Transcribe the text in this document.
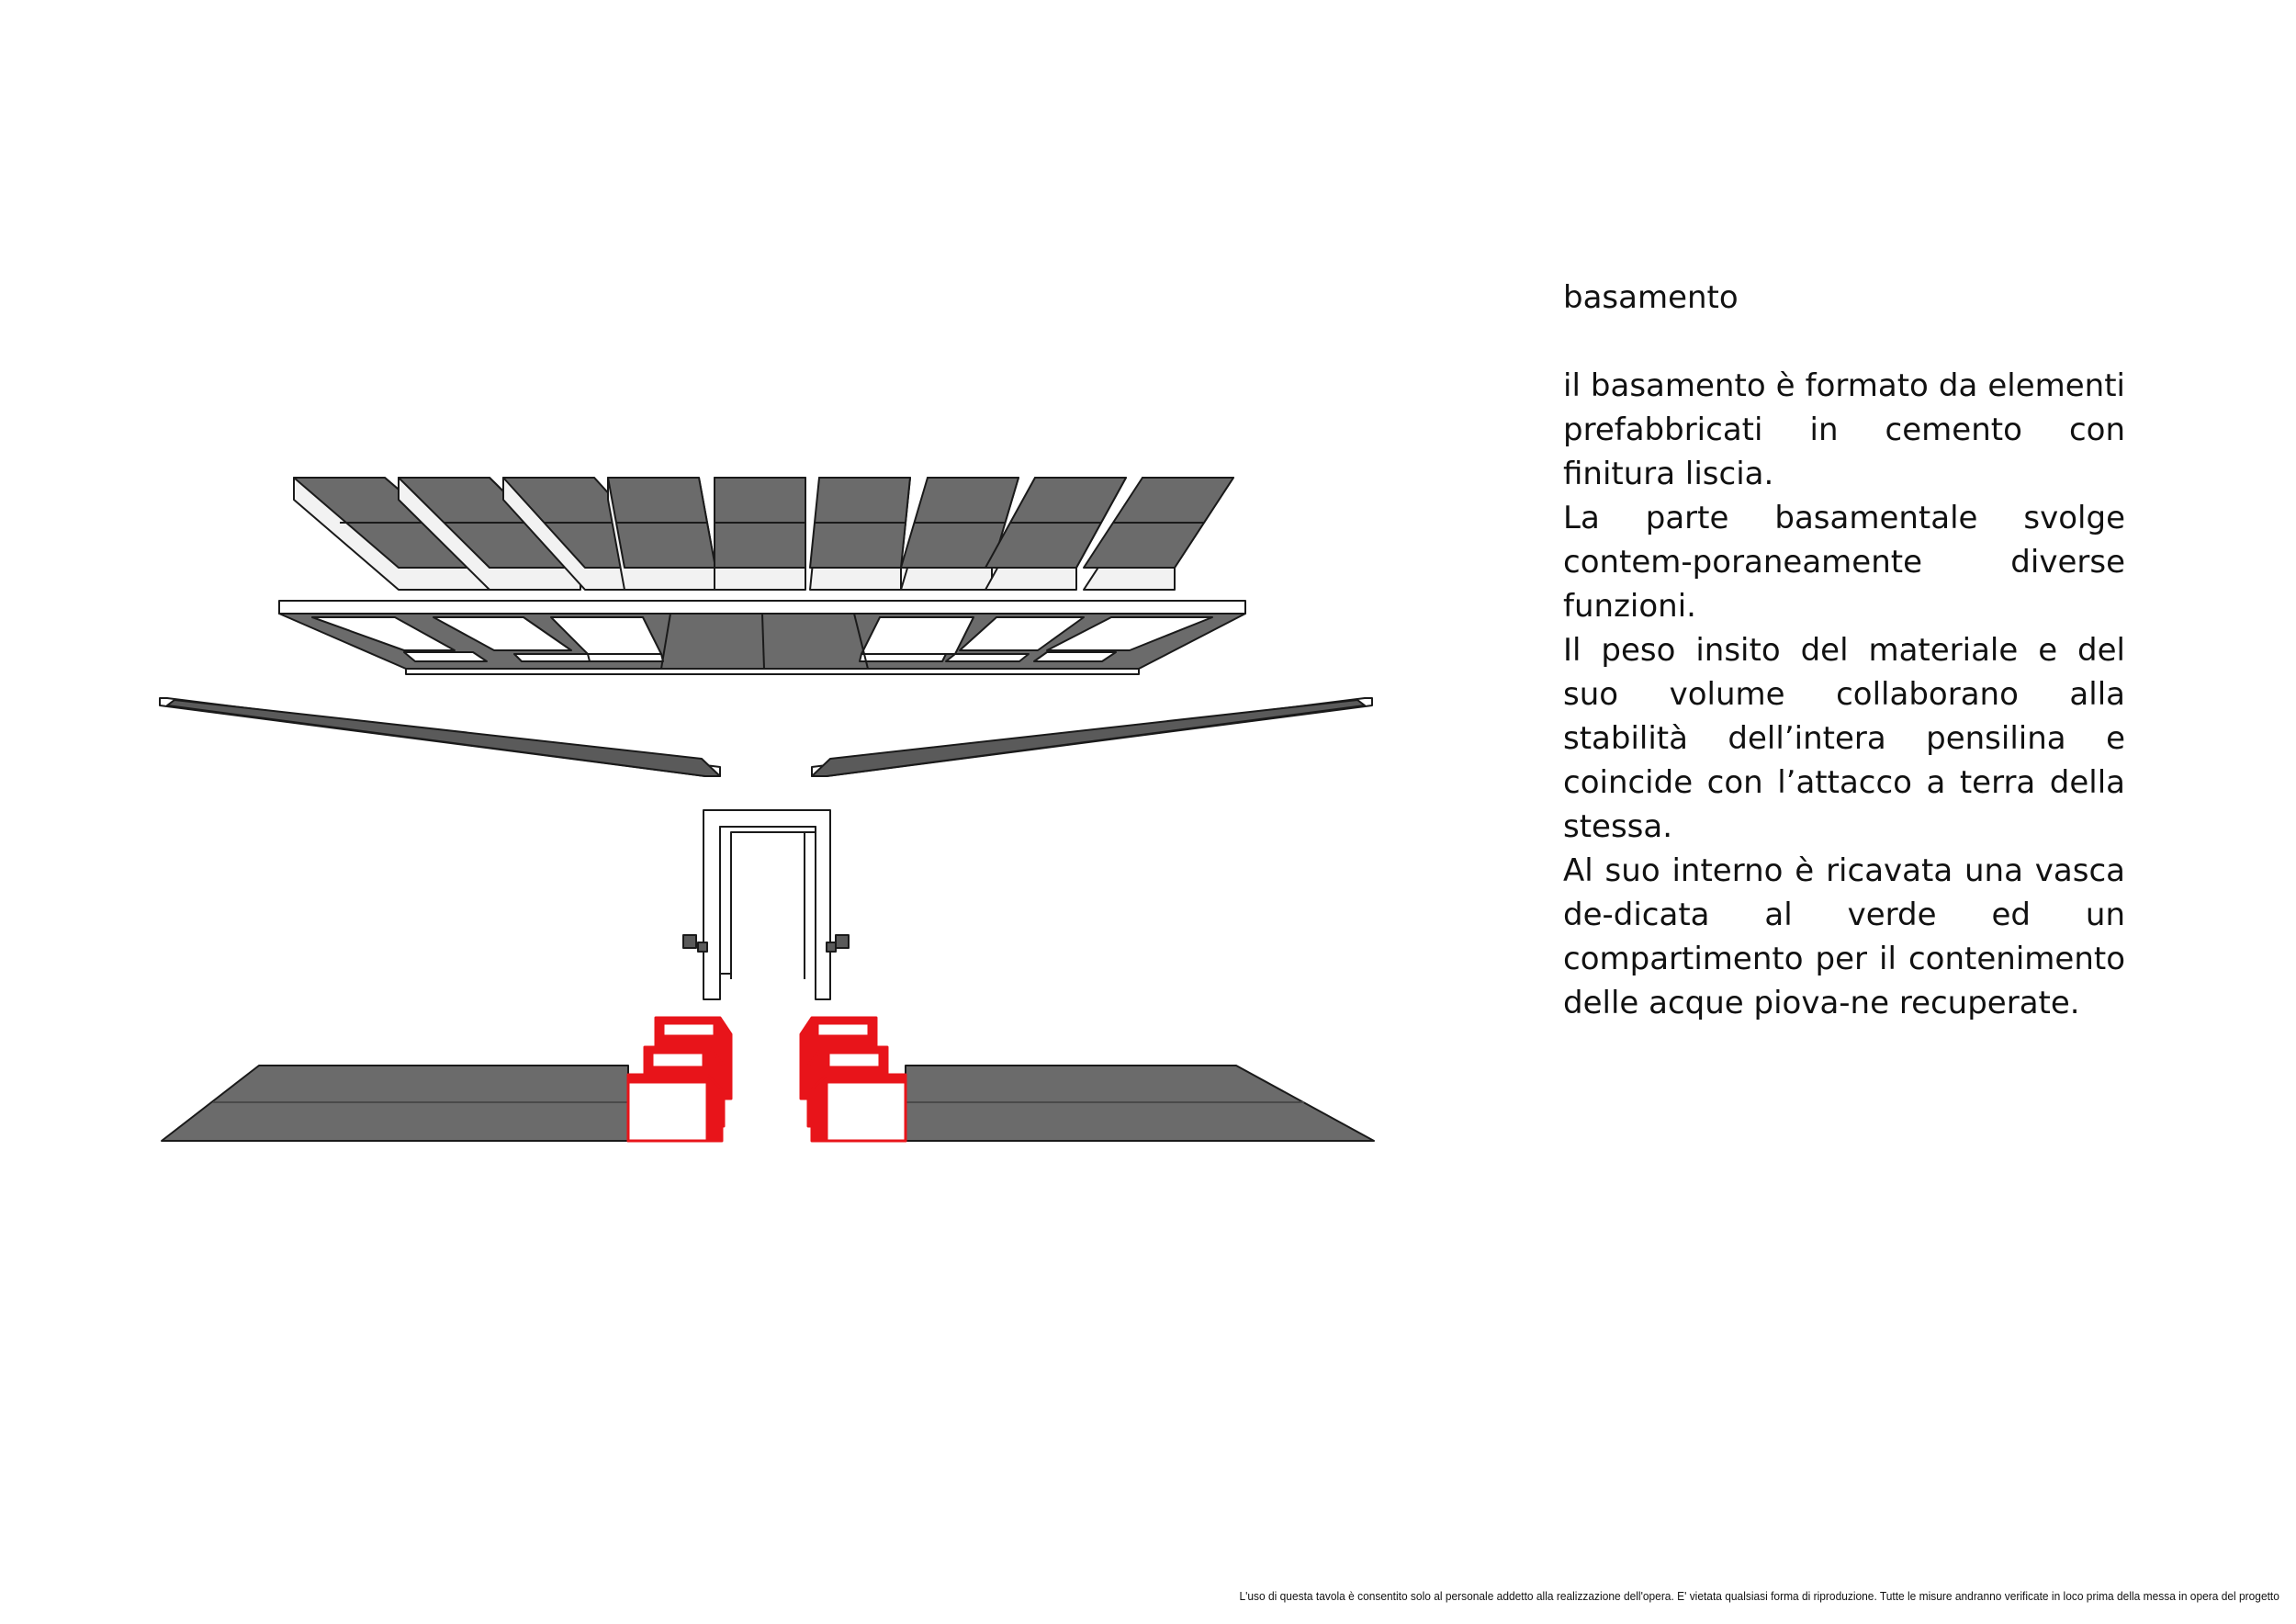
basamento

il basamento è formato da elementi prefabbricati in cemento con finitura liscia.

La parte basamentale svolge contem-poraneamente diverse funzioni.

Il peso insito del materiale e del suo volume collaborano alla stabilità dell’intera pensilina e coincide con l’attacco a terra della stessa.

Al suo interno è ricavata una vasca de-dicata al verde ed un compartimento per il contenimento delle acque piova-ne recuperate.

L'uso di questa tavola è consentito solo al personale addetto alla realizzazione dell'opera. E' vietata qualsiasi forma di riproduzione. Tutte le misure andranno verificate in loco prima della messa in opera del progetto
